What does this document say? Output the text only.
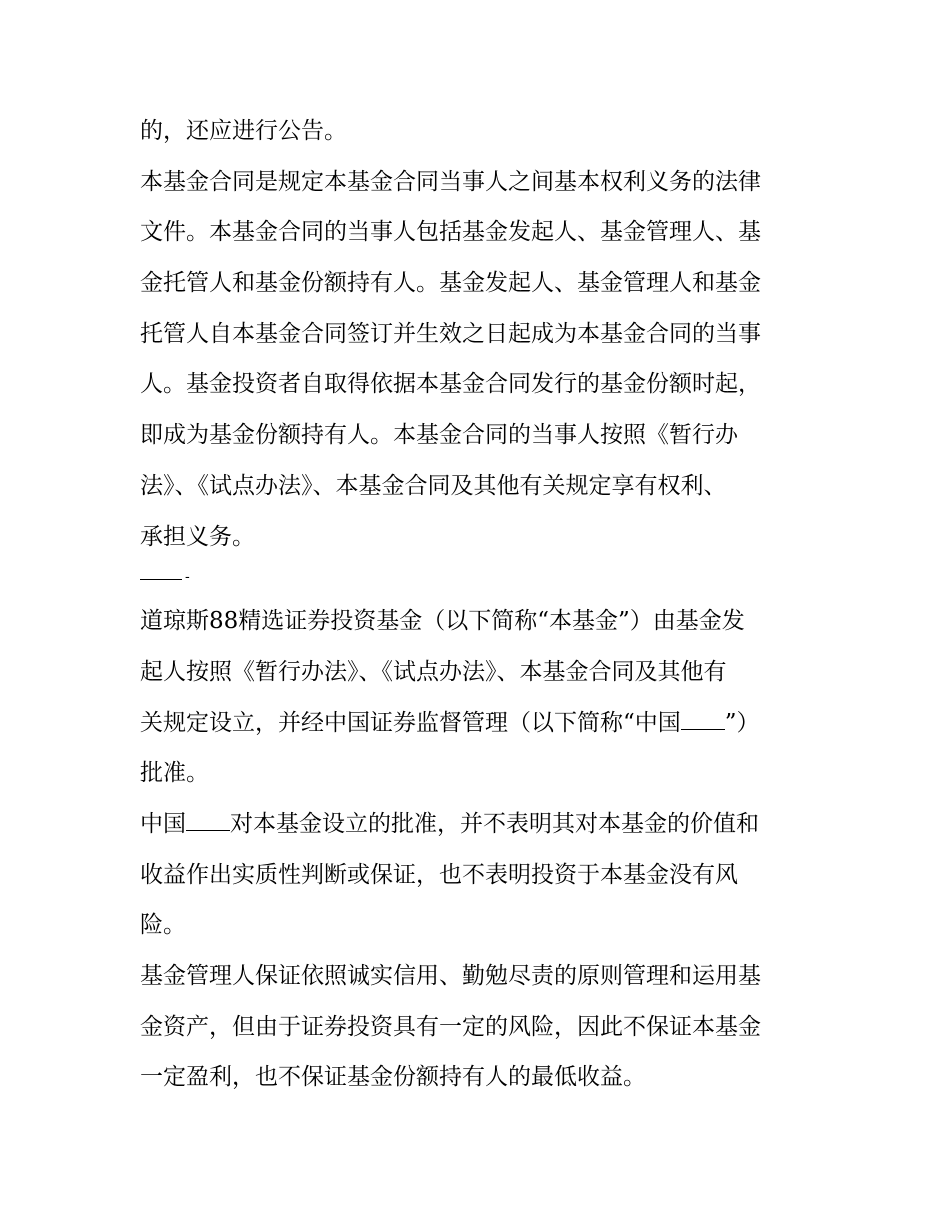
的，还应进行公告。
本基金合同是规定本基金合同当事人之间基本权利义务的法律
文件。本基金合同的当事人包括基金发起人、基金管理人、基
金托管人和基金份额持有人。基金发起人、基金管理人和基金
托管人自本基金合同签订并生效之日起成为本基金合同的当事
人。基金投资者自取得依据本基金合同发行的基金份额时起，
即成为基金份额持有人。本基金合同的当事人按照《暂行办
法》、《试点办法》、本基金合同及其他有关规定享有权利、
承担义务。
-
道琼斯88精选证券投资基金（以下简称“本基金”）由基金发
起人按照《暂行办法》、《试点办法》、本基金合同及其他有
关规定设立，并经中国证券监督管理（以下简称“中国 ”）
批准。
中国 对本基金设立的批准，并不表明其对本基金的价值和
收益作出实质性判断或保证，也不表明投资于本基金没有风
险。
基金管理人保证依照诚实信用、勤勉尽责的原则管理和运用基
金资产，但由于证券投资具有一定的风险，因此不保证本基金
一定盈利，也不保证基金份额持有人的最低收益。
